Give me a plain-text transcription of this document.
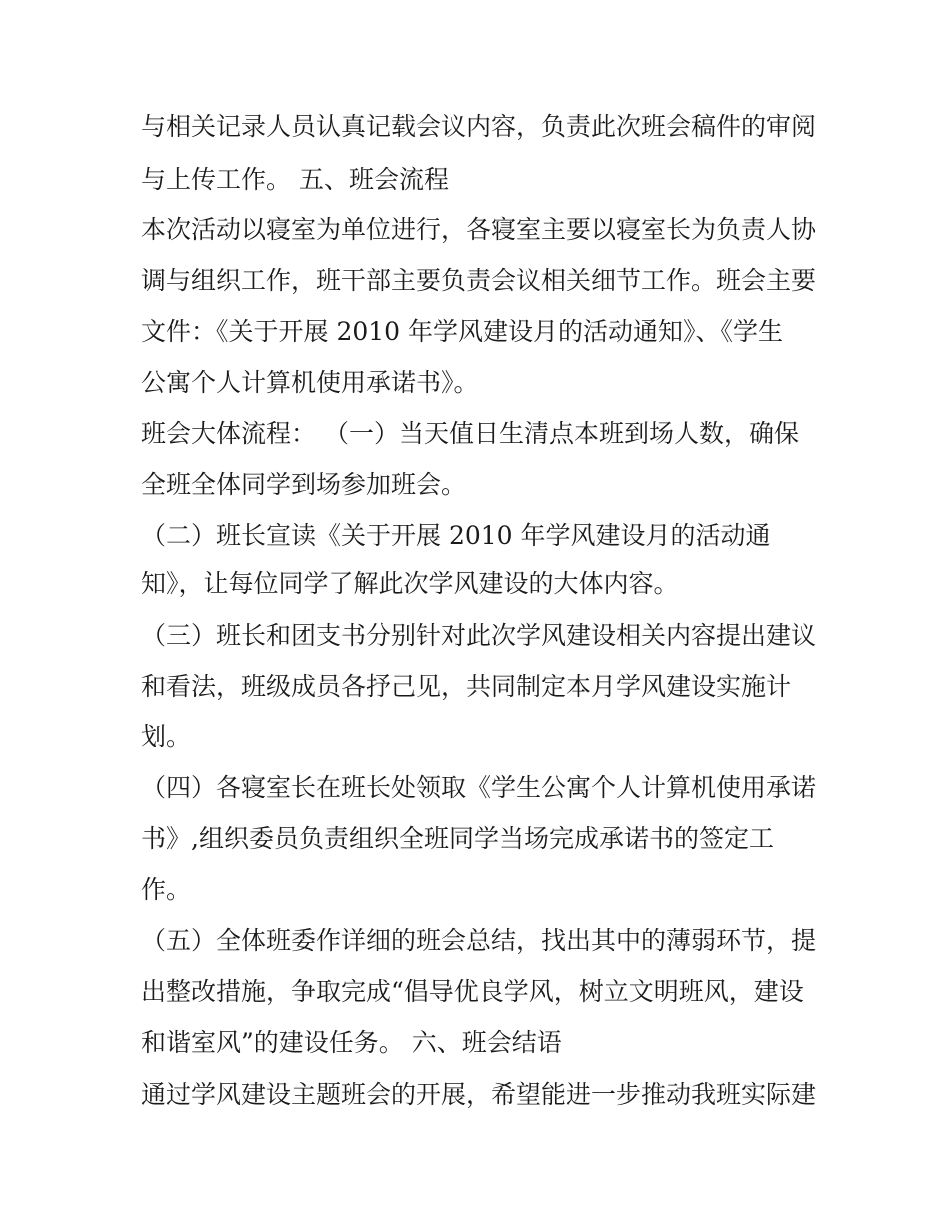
与相关记录人员认真记载会议内容，负责此次班会稿件的审阅
与上传工作。 五、班会流程
本次活动以寝室为单位进行，各寝室主要以寝室长为负责人协
调与组织工作，班干部主要负责会议相关细节工作。班会主要
文件：《关于开展 2010 年学风建设月的活动通知》、《学生
公寓个人计算机使用承诺书》。
班会大体流程： （一）当天值日生清点本班到场人数，确保
全班全体同学到场参加班会。
（二）班长宣读《关于开展 2010 年学风建设月的活动通
知》，让每位同学了解此次学风建设的大体内容。
（三）班长和团支书分别针对此次学风建设相关内容提出建议
和看法，班级成员各抒己见，共同制定本月学风建设实施计
划。
（四）各寝室长在班长处领取《学生公寓个人计算机使用承诺
书》,组织委员负责组织全班同学当场完成承诺书的签定工
作。
（五）全体班委作详细的班会总结，找出其中的薄弱环节，提
出整改措施，争取完成“倡导优良学风，树立文明班风，建设
和谐室风”的建设任务。 六、班会结语
通过学风建设主题班会的开展，希望能进一步推动我班实际建
